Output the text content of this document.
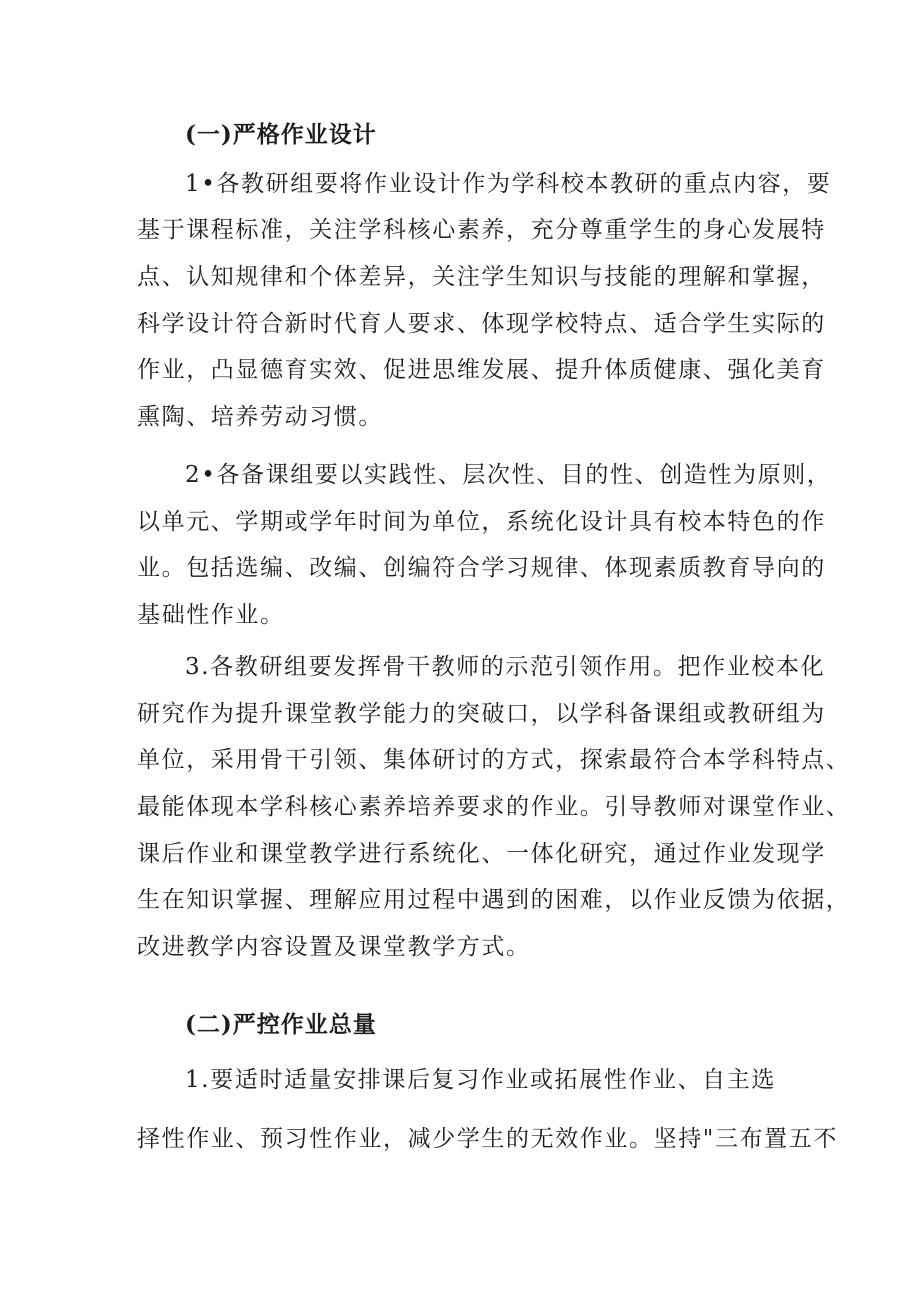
(一)严格作业设计
1•各教研组要将作业设计作为学科校本教研的重点内容，要
基于课程标准，关注学科核心素养，充分尊重学生的身心发展特
点、认知规律和个体差异，关注学生知识与技能的理解和掌握，
科学设计符合新时代育人要求、体现学校特点、适合学生实际的
作业，凸显德育实效、促进思维发展、提升体质健康、强化美育
熏陶、培养劳动习惯。
2•各备课组要以实践性、层次性、目的性、创造性为原则，
以单元、学期或学年时间为单位，系统化设计具有校本特色的作
业。包括选编、改编、创编符合学习规律、体现素质教育导向的
基础性作业。
3.各教研组要发挥骨干教师的示范引领作用。把作业校本化
研究作为提升课堂教学能力的突破口，以学科备课组或教研组为
单位，采用骨干引领、集体研讨的方式，探索最符合本学科特点、
最能体现本学科核心素养培养要求的作业。引导教师对课堂作业、
课后作业和课堂教学进行系统化、一体化研究，通过作业发现学
生在知识掌握、理解应用过程中遇到的困难，以作业反馈为依据，
改进教学内容设置及课堂教学方式。
(二)严控作业总量
1.要适时适量安排课后复习作业或拓展性作业、自主选
择性作业、预习性作业，减少学生的无效作业。坚持"三布置五不
